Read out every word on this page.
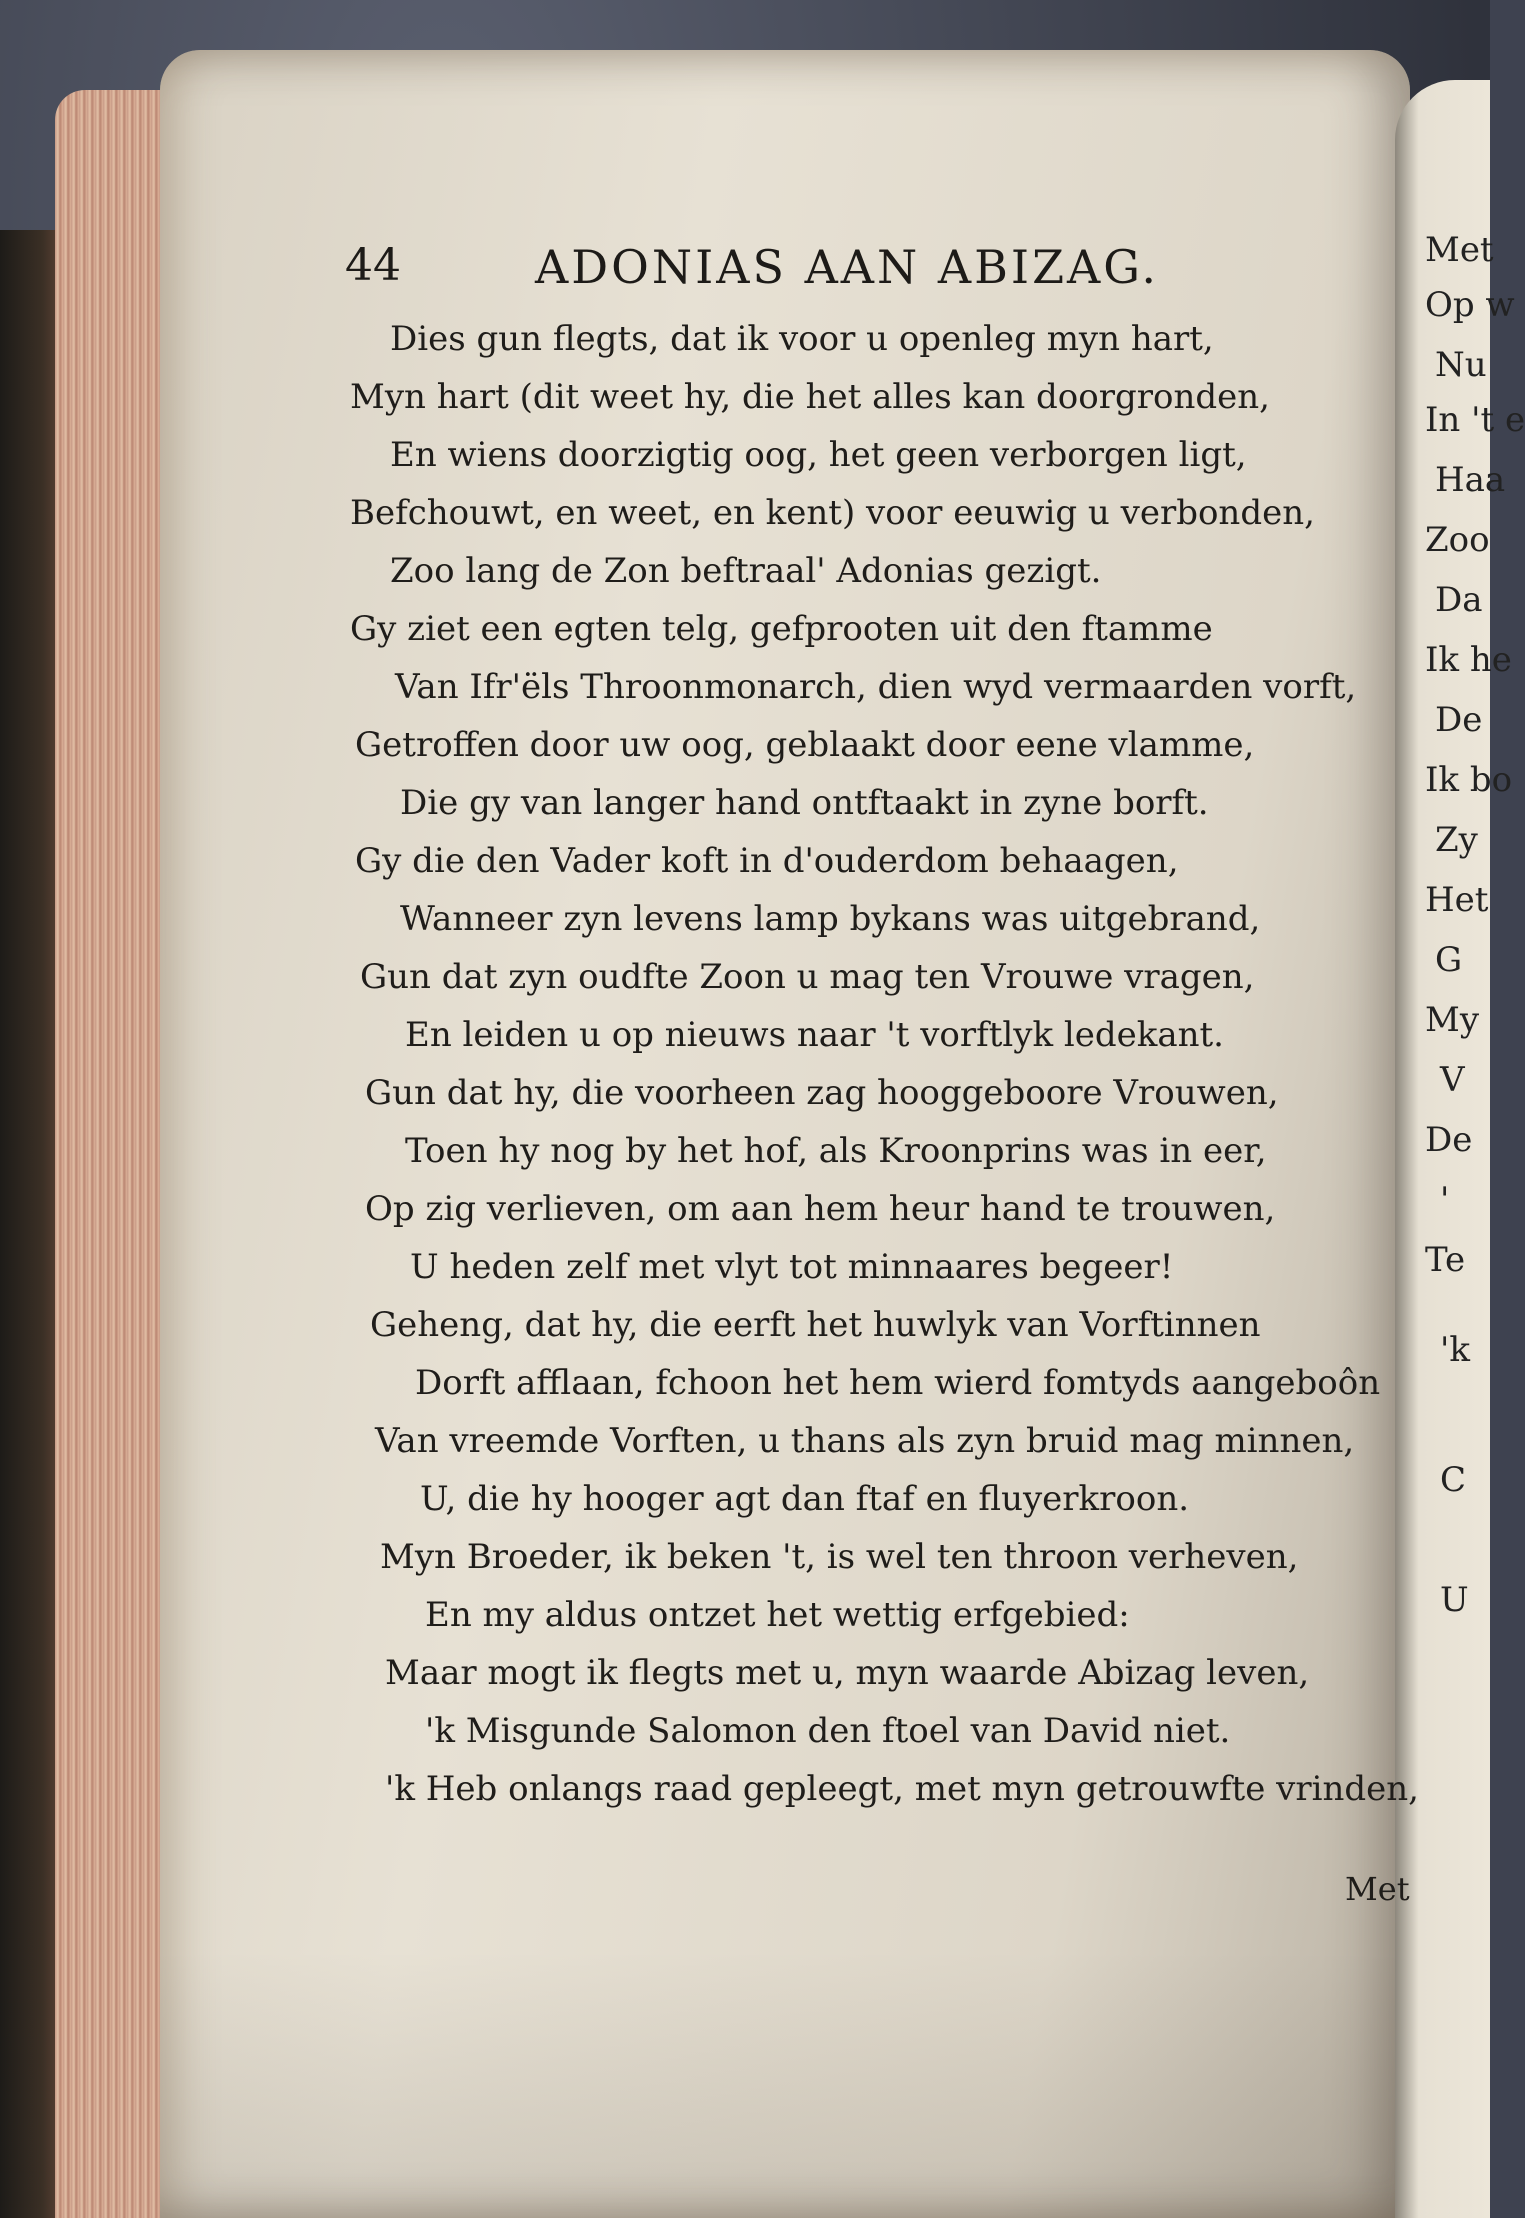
Met
Op w
Nu
In 't e
Haa
Zoo
Da
Ik he
De
Ik bo
Zy
Het
G
My
V
De
'
Te
'k
C
U
44	ADONIAS AAN ABIZAG.
Dies gun flegts, dat ik voor u openleg myn hart,
Myn hart (dit weet hy, die het alles kan doorgronden,
En wiens doorzigtig oog, het geen verborgen ligt,
Befchouwt, en weet, en kent) voor eeuwig u verbonden,
Zoo lang de Zon beftraal' Adonias gezigt.
Gy ziet een egten telg, gefprooten uit den ftamme
Van Ifr'ëls Throonmonarch, dien wyd vermaarden vorft,
Getroffen door uw oog, geblaakt door eene vlamme,
Die gy van langer hand ontftaakt in zyne borft.
Gy die den Vader koft in d'ouderdom behaagen,
Wanneer zyn levens lamp bykans was uitgebrand,
Gun dat zyn oudfte Zoon u mag ten Vrouwe vragen,
En leiden u op nieuws naar 't vorftlyk ledekant.
Gun dat hy, die voorheen zag hooggeboore Vrouwen,
Toen hy nog by het hof, als Kroonprins was in eer,
Op zig verlieven, om aan hem heur hand te trouwen,
U heden zelf met vlyt tot minnaares begeer!
Geheng, dat hy, die eerft het huwlyk van Vorftinnen
Dorft afflaan, fchoon het hem wierd fomtyds aangeboôn
Van vreemde Vorften, u thans als zyn bruid mag minnen,
U, die hy hooger agt dan ftaf en fluyerkroon.
Myn Broeder, ik beken 't, is wel ten throon verheven,
En my aldus ontzet het wettig erfgebied:
Maar mogt ik flegts met u, myn waarde Abizag leven,
'k Misgunde Salomon den ftoel van David niet.
'k Heb onlangs raad gepleegt, met myn getrouwfte vrinden,
Met
